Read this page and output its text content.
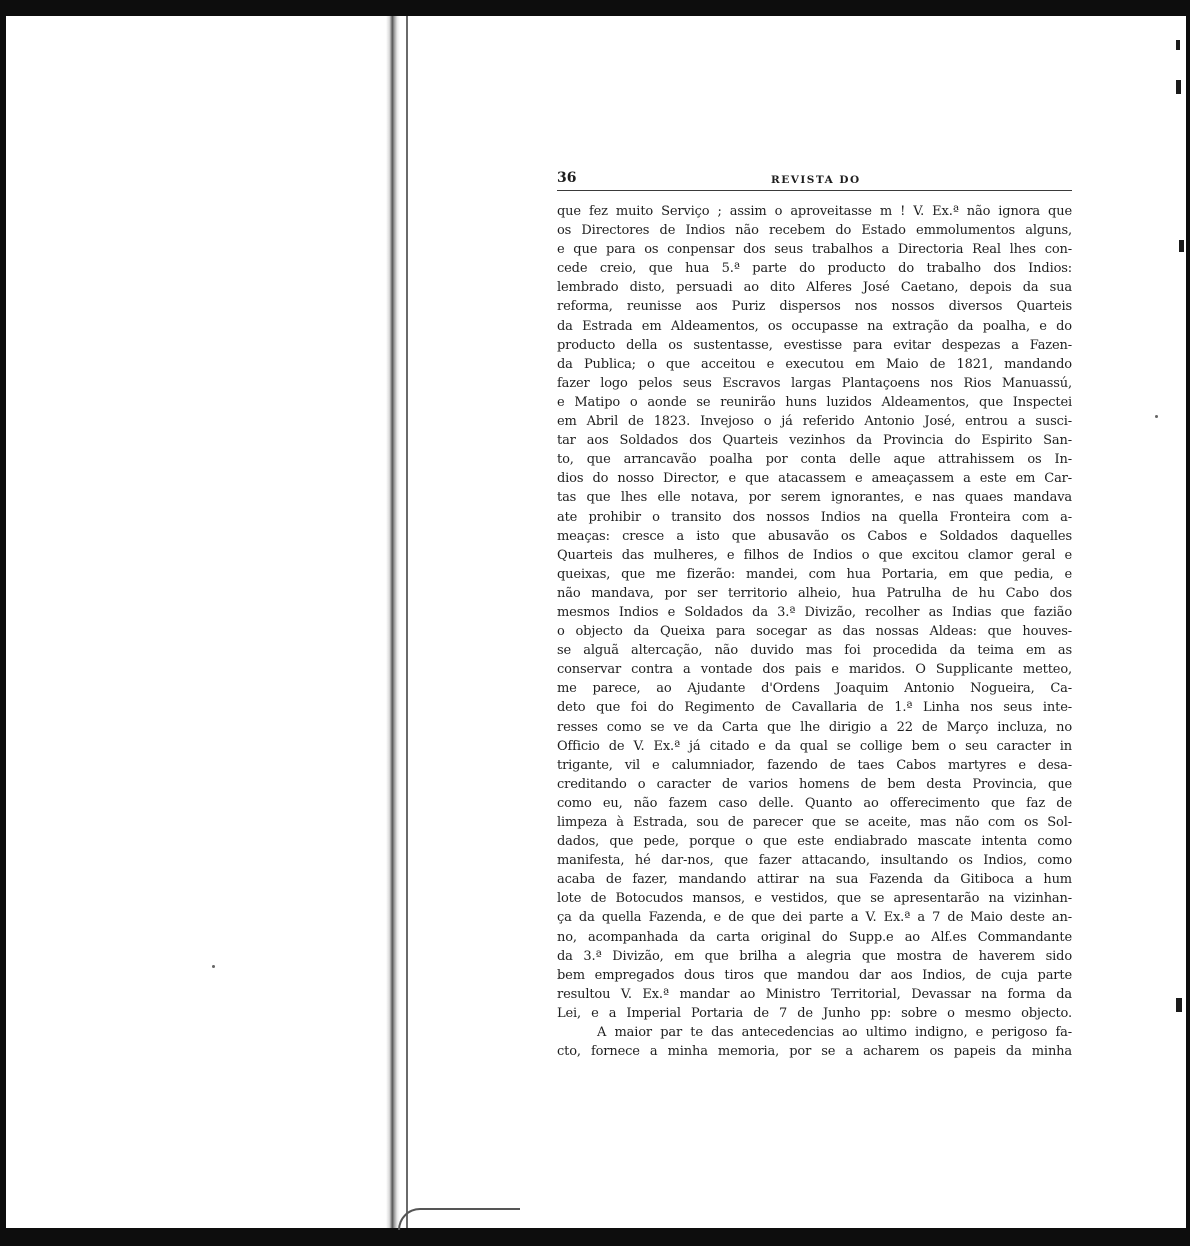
36	REVISTA DO
que fez muito Serviço ; assim o aproveitasse m ! V. Ex.ª não ignora que
os Directores de Indios não recebem do Estado emmolumentos alguns,
e que para os conpensar dos seus trabalhos a Directoria Real lhes con-
cede creio, que hua 5.ª parte do producto do trabalho dos Indios:
lembrado disto, persuadi ao dito Alferes José Caetano, depois da sua
reforma, reunisse aos Puriz dispersos nos nossos diversos Quarteis
da Estrada em Aldeamentos, os occupasse na extração da poalha, e do
producto della os sustentasse, evestisse para evitar despezas a Fazen-
da Publica; o que acceitou e executou em Maio de 1821, mandando
fazer logo pelos seus Escravos largas Plantaçoens nos Rios Manuassú,
e Matipo o aonde se reunirão huns luzidos Aldeamentos, que Inspectei
em Abril de 1823. Invejoso o já referido Antonio José, entrou a susci-
tar aos Soldados dos Quarteis vezinhos da Provincia do Espirito San-
to, que arrancavão poalha por conta delle aque attrahissem os In-
dios do nosso Director, e que atacassem e ameaçassem a este em Car-
tas que lhes elle notava, por serem ignorantes, e nas quaes mandava
ate prohibir o transito dos nossos Indios na quella Fronteira com a-
meaças: cresce a isto que abusavão os Cabos e Soldados daquelles
Quarteis das mulheres, e filhos de Indios o que excitou clamor geral e
queixas, que me fizerão: mandei, com hua Portaria, em que pedia, e
não mandava, por ser territorio alheio, hua Patrulha de hu Cabo dos
mesmos Indios e Soldados da 3.ª Divizão, recolher as Indias que fazião
o objecto da Queixa para socegar as das nossas Aldeas: que houves-
se alguã altercação, não duvido mas foi procedida da teima em as
conservar contra a vontade dos pais e maridos. O Supplicante metteo,
me parece, ao Ajudante d'Ordens Joaquim Antonio Nogueira, Ca-
deto que foi do Regimento de Cavallaria de 1.ª Linha nos seus inte-
resses como se ve da Carta que lhe dirigio a 22 de Março incluza, no
Officio de V. Ex.ª já citado e da qual se collige bem o seu caracter in
trigante, vil e calumniador, fazendo de taes Cabos martyres e desa-
creditando o caracter de varios homens de bem desta Provincia, que
como eu, não fazem caso delle. Quanto ao offerecimento que faz de
limpeza à Estrada, sou de parecer que se aceite, mas não com os Sol-
dados, que pede, porque o que este endiabrado mascate intenta como
manifesta, hé dar-nos, que fazer attacando, insultando os Indios, como
acaba de fazer, mandando attirar na sua Fazenda da Gitiboca a hum
lote de Botocudos mansos, e vestidos, que se apresentarão na vizinhan-
ça da quella Fazenda, e de que dei parte a V. Ex.ª a 7 de Maio deste an-
no, acompanhada da carta original do Supp.e ao Alf.es Commandante
da 3.ª Divizão, em que brilha a alegria que mostra de haverem sido
bem empregados dous tiros que mandou dar aos Indios, de cuja parte
resultou V. Ex.ª mandar ao Ministro Territorial, Devassar na forma da
Lei, e a Imperial Portaria de 7 de Junho pp: sobre o mesmo objecto.
A maior par te das antecedencias ao ultimo indigno, e perigoso fa-
cto, fornece a minha memoria, por se a acharem os papeis da minha
